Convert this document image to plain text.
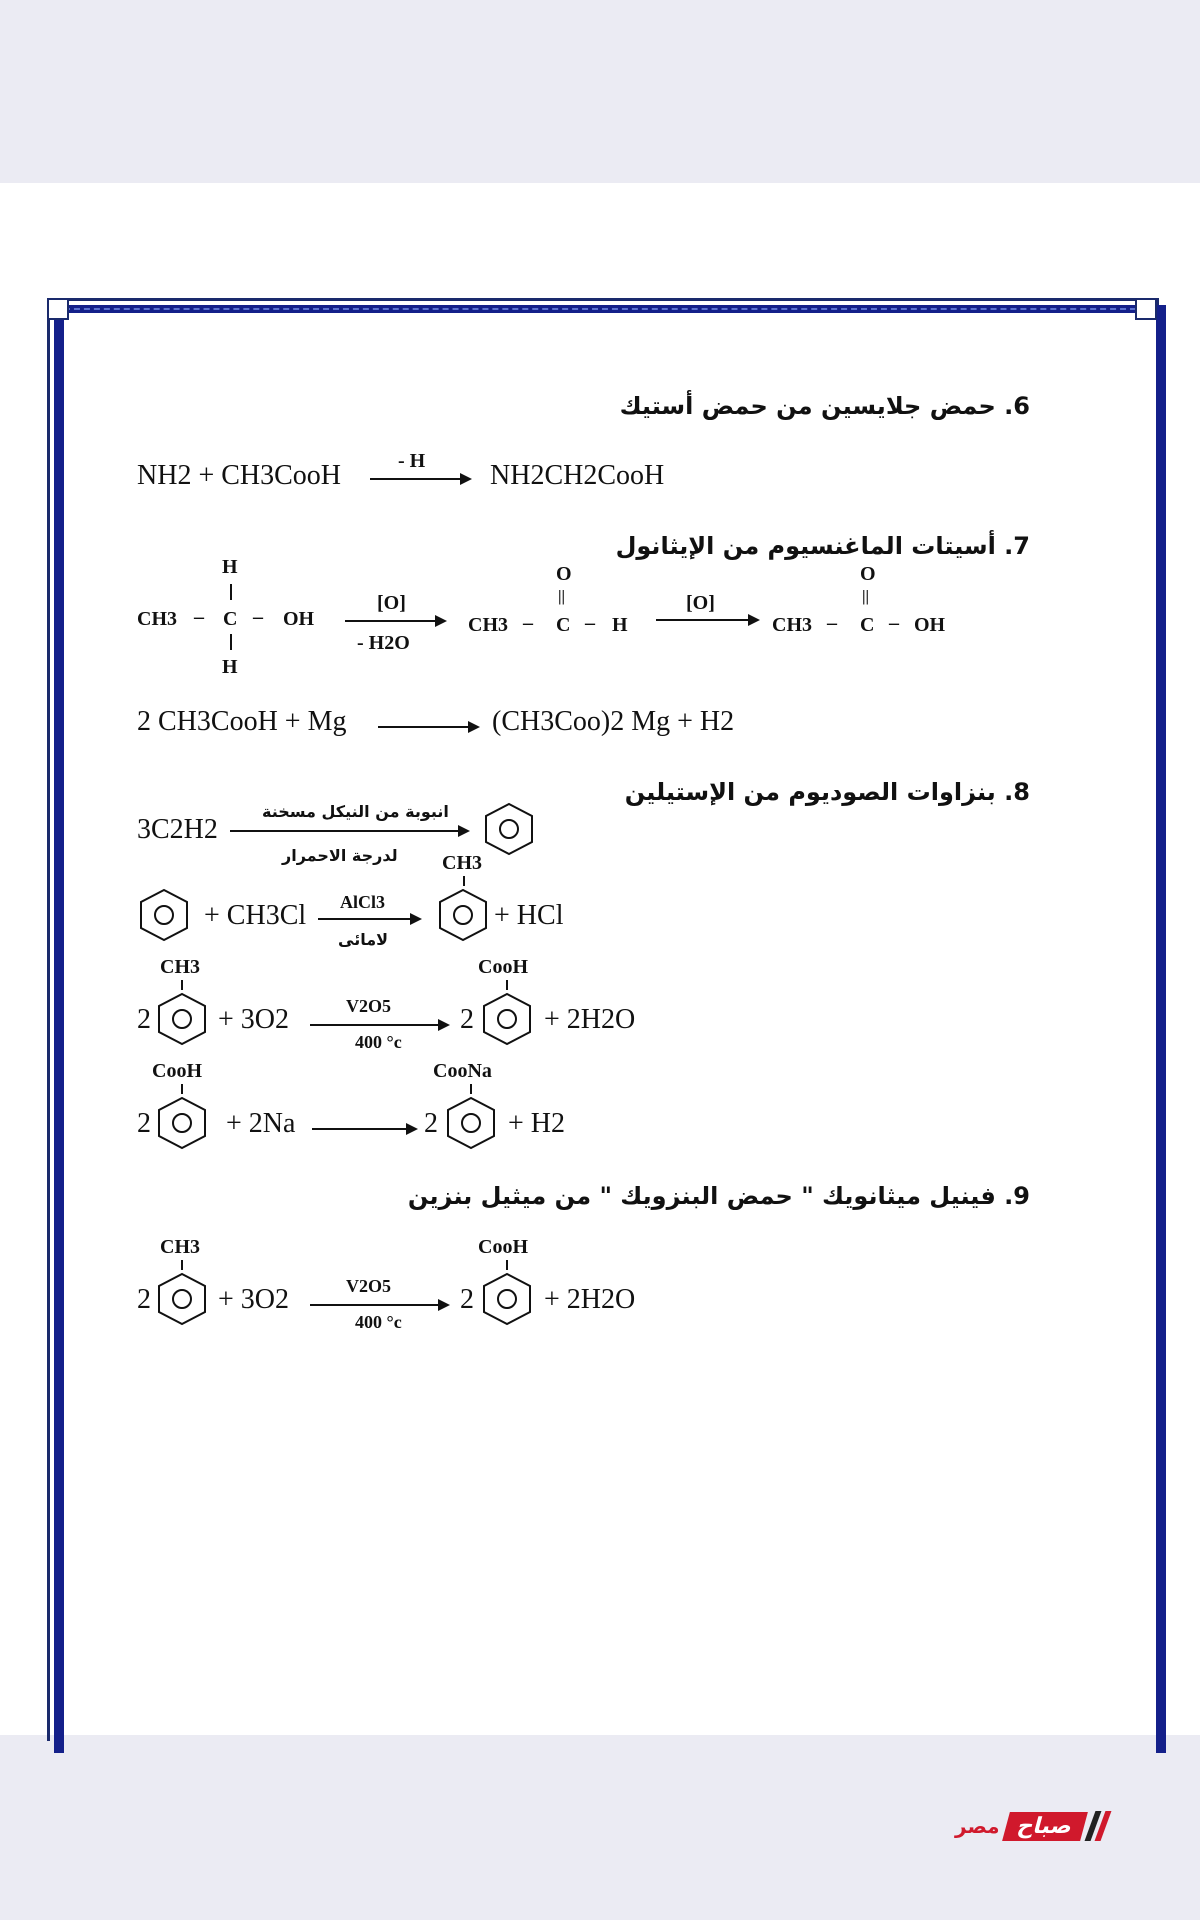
6. حمض جلايسين من حمض أستيك
NH2 + CH3CooH	- H NH2CH2CooH
7. أسيتات الماغنسيوم من الإيثانول
H
CH3 – C – OH
H
[O]
- H2O
O
||
CH3 – C – H
[O]
O
||
CH3 – C – OH
2 CH3CooH + Mg	(CH3Coo)2 Mg + H2
8. بنزاوات الصوديوم من الإستيلين
3C2H2
انبوبة من النيكل مسخنة
لدرجة الاحمرار CH3
+ CH3Cl AlCl3
لامائى
+ HCl
CH3
2 + 3O2	V2O5
400 °c
CooH
2	+ 2H2O
CooH
2	+ 2Na
CooNa
2	+ H2
9. فينيل ميثانويك " حمض البنزويك " من ميثيل بنزين
CH3
2 + 3O2	V2O5
400 °c
CooH
2	+ 2H2O
مصر صباح
